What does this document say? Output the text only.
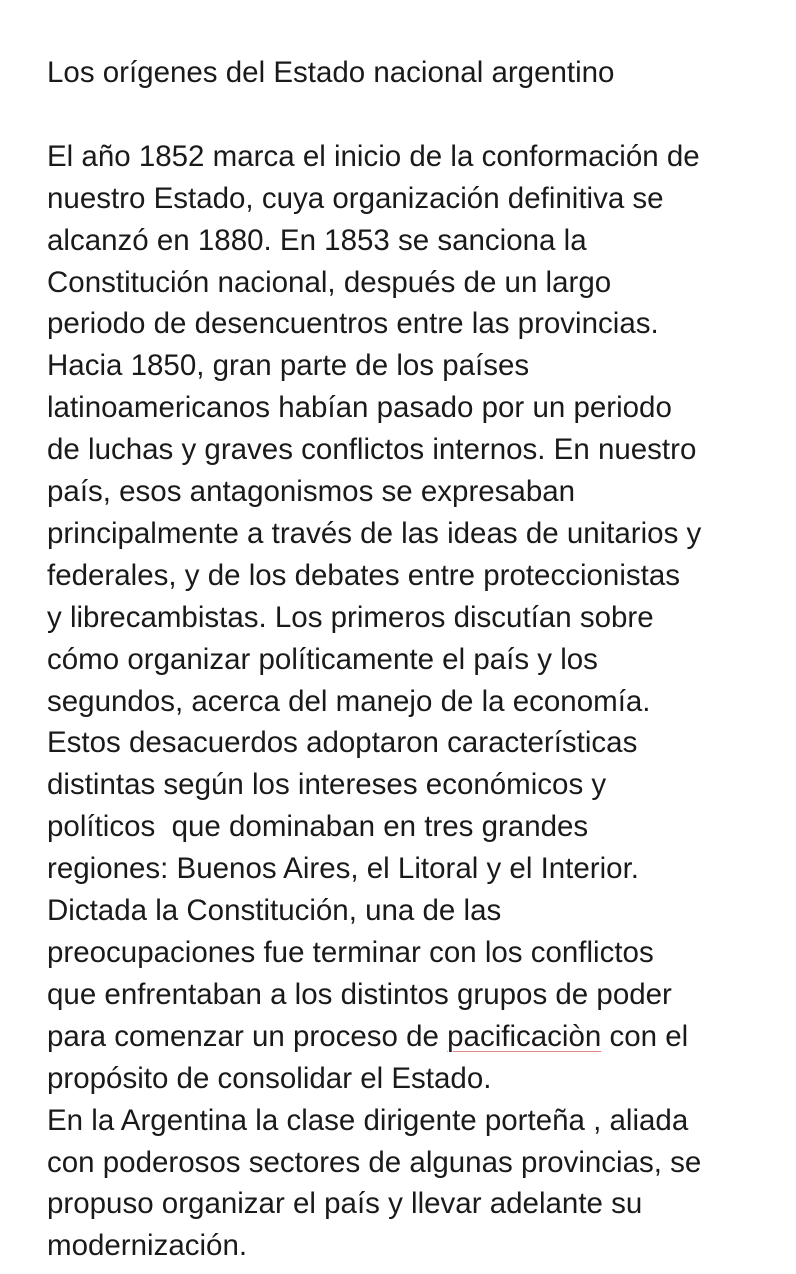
Los orígenes del Estado nacional argentino
El año 1852 marca el inicio de la conformación de
nuestro Estado, cuya organización definitiva se
alcanzó en 1880. En 1853 se sanciona la
Constitución nacional, después de un largo
periodo de desencuentros entre las provincias.
Hacia 1850, gran parte de los países
latinoamericanos habían pasado por un periodo
de luchas y graves conflictos internos. En nuestro
país, esos antagonismos se expresaban
principalmente a través de las ideas de unitarios y
federales, y de los debates entre proteccionistas
y librecambistas. Los primeros discutían sobre
cómo organizar políticamente el país y los
segundos, acerca del manejo de la economía.
Estos desacuerdos adoptaron características
distintas según los intereses económicos y
políticos  que dominaban en tres grandes
regiones: Buenos Aires, el Litoral y el Interior.
Dictada la Constitución, una de las
preocupaciones fue terminar con los conflictos
que enfrentaban a los distintos grupos de poder
para comenzar un proceso de pacificaciòn con el
propósito de consolidar el Estado.
En la Argentina la clase dirigente porteña , aliada
con poderosos sectores de algunas provincias, se
propuso organizar el país y llevar adelante su
modernización.
